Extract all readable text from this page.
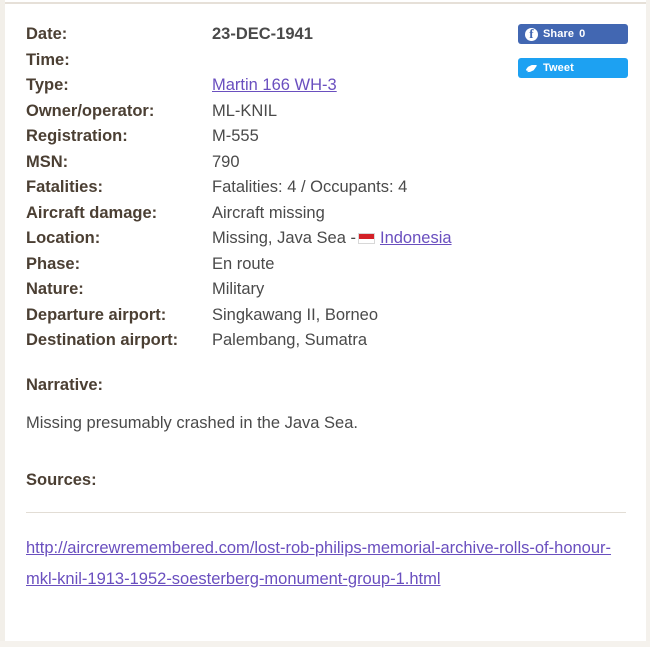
f
Share 0
Tweet
Date:	23-DEC-1941
Time:	
Type:	Martin 166 WH-3
Owner/operator:	ML-KNIL
Registration:	M-555
MSN:	790
Fatalities:	Fatalities: 4 / Occupants: 4
Aircraft damage:	Aircraft missing
Location:	Missing, Java Sea - Indonesia
Phase:	En route
Nature:	Military
Departure airport:	Singkawang II, Borneo
Destination airport:	Palembang, Sumatra
Narrative:
Missing presumably crashed in the Java Sea.
Sources:
http://aircrewremembered.com/lost-rob-philips-memorial-archive-rolls-of-honour-mkl-knil-1913-1952-soesterberg-monument-group-1.html
